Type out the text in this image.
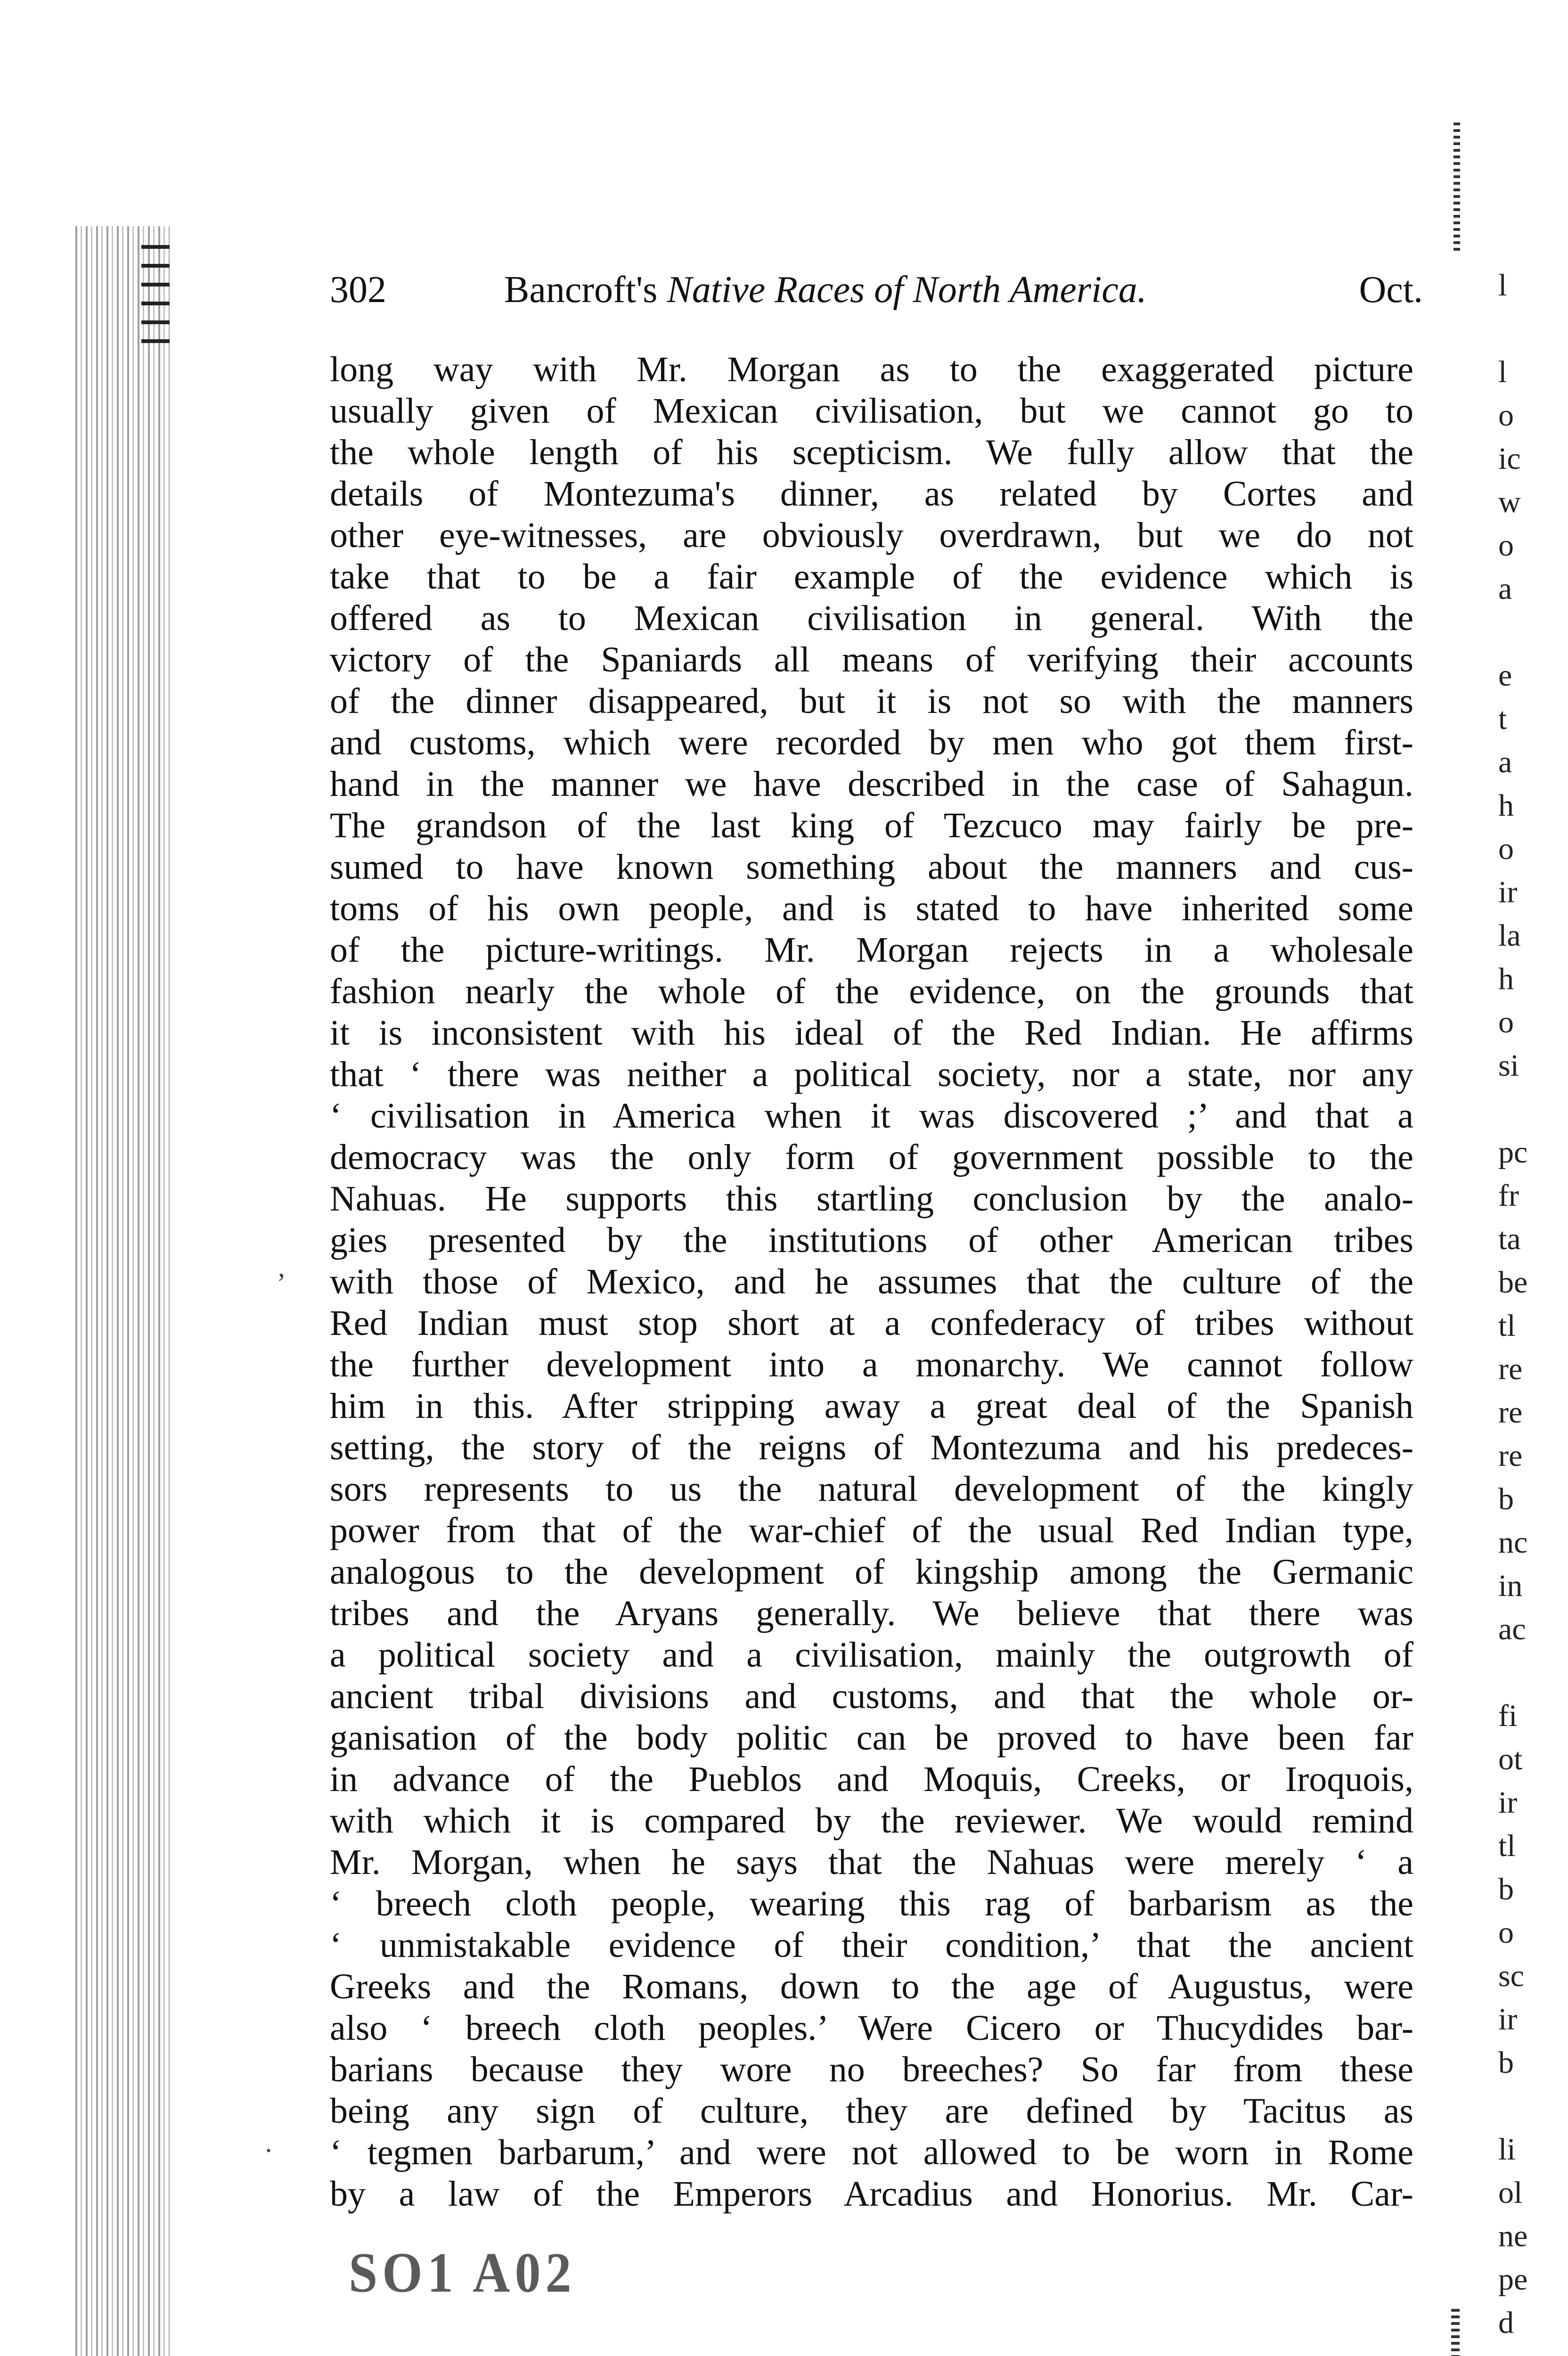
302	Bancroft's Native Races of North America.	Oct.
long way with Mr. Morgan as to the exaggerated picture
usually given of Mexican civilisation, but we cannot go to
the whole length of his scepticism. We fully allow that the
details of Montezuma's dinner, as related by Cortes and
other eye-witnesses, are obviously overdrawn, but we do not
take that to be a fair example of the evidence which is
offered as to Mexican civilisation in general. With the
victory of the Spaniards all means of verifying their accounts
of the dinner disappeared, but it is not so with the manners
and customs, which were recorded by men who got them first-
hand in the manner we have described in the case of Sahagun.
The grandson of the last king of Tezcuco may fairly be pre-
sumed to have known something about the manners and cus-
toms of his own people, and is stated to have inherited some
of the picture-writings. Mr. Morgan rejects in a wholesale
fashion nearly the whole of the evidence, on the grounds that
it is inconsistent with his ideal of the Red Indian. He affirms
that ‘ there was neither a political society, nor a state, nor any
‘ civilisation in America when it was discovered ;’ and that a
democracy was the only form of government possible to the
Nahuas. He supports this startling conclusion by the analo-
gies presented by the institutions of other American tribes
with those of Mexico, and he assumes that the culture of the
Red Indian must stop short at a confederacy of tribes without
the further development into a monarchy. We cannot follow
him in this. After stripping away a great deal of the Spanish
setting, the story of the reigns of Montezuma and his predeces-
sors represents to us the natural development of the kingly
power from that of the war-chief of the usual Red Indian type,
analogous to the development of kingship among the Germanic
tribes and the Aryans generally. We believe that there was
a political society and a civilisation, mainly the outgrowth of
ancient tribal divisions and customs, and that the whole or-
ganisation of the body politic can be proved to have been far
in advance of the Pueblos and Moquis, Creeks, or Iroquois,
with which it is compared by the reviewer. We would remind
Mr. Morgan, when he says that the Nahuas were merely ‘ a
‘ breech cloth people, wearing this rag of barbarism as the
‘ unmistakable evidence of their condition,’ that the ancient
Greeks and the Romans, down to the age of Augustus, were
also ‘ breech cloth peoples.’ Were Cicero or Thucydides bar-
barians because they wore no breeches? So far from these
being any sign of culture, they are defined by Tacitus as
‘ tegmen barbarum,’ and were not allowed to be worn in Rome
by a law of the Emperors Arcadius and Honorius. Mr. Car-
SO1 A02
,
·
l
l
o
ic
w
o
a
e
t
a
h
o
ir
la
h
o
si
pc
fr
ta
be
tl
re
re
re
b
nc
in
ac
fi
ot
ir
tl
b
o
sc
ir
b
li
ol
ne
pe
d
